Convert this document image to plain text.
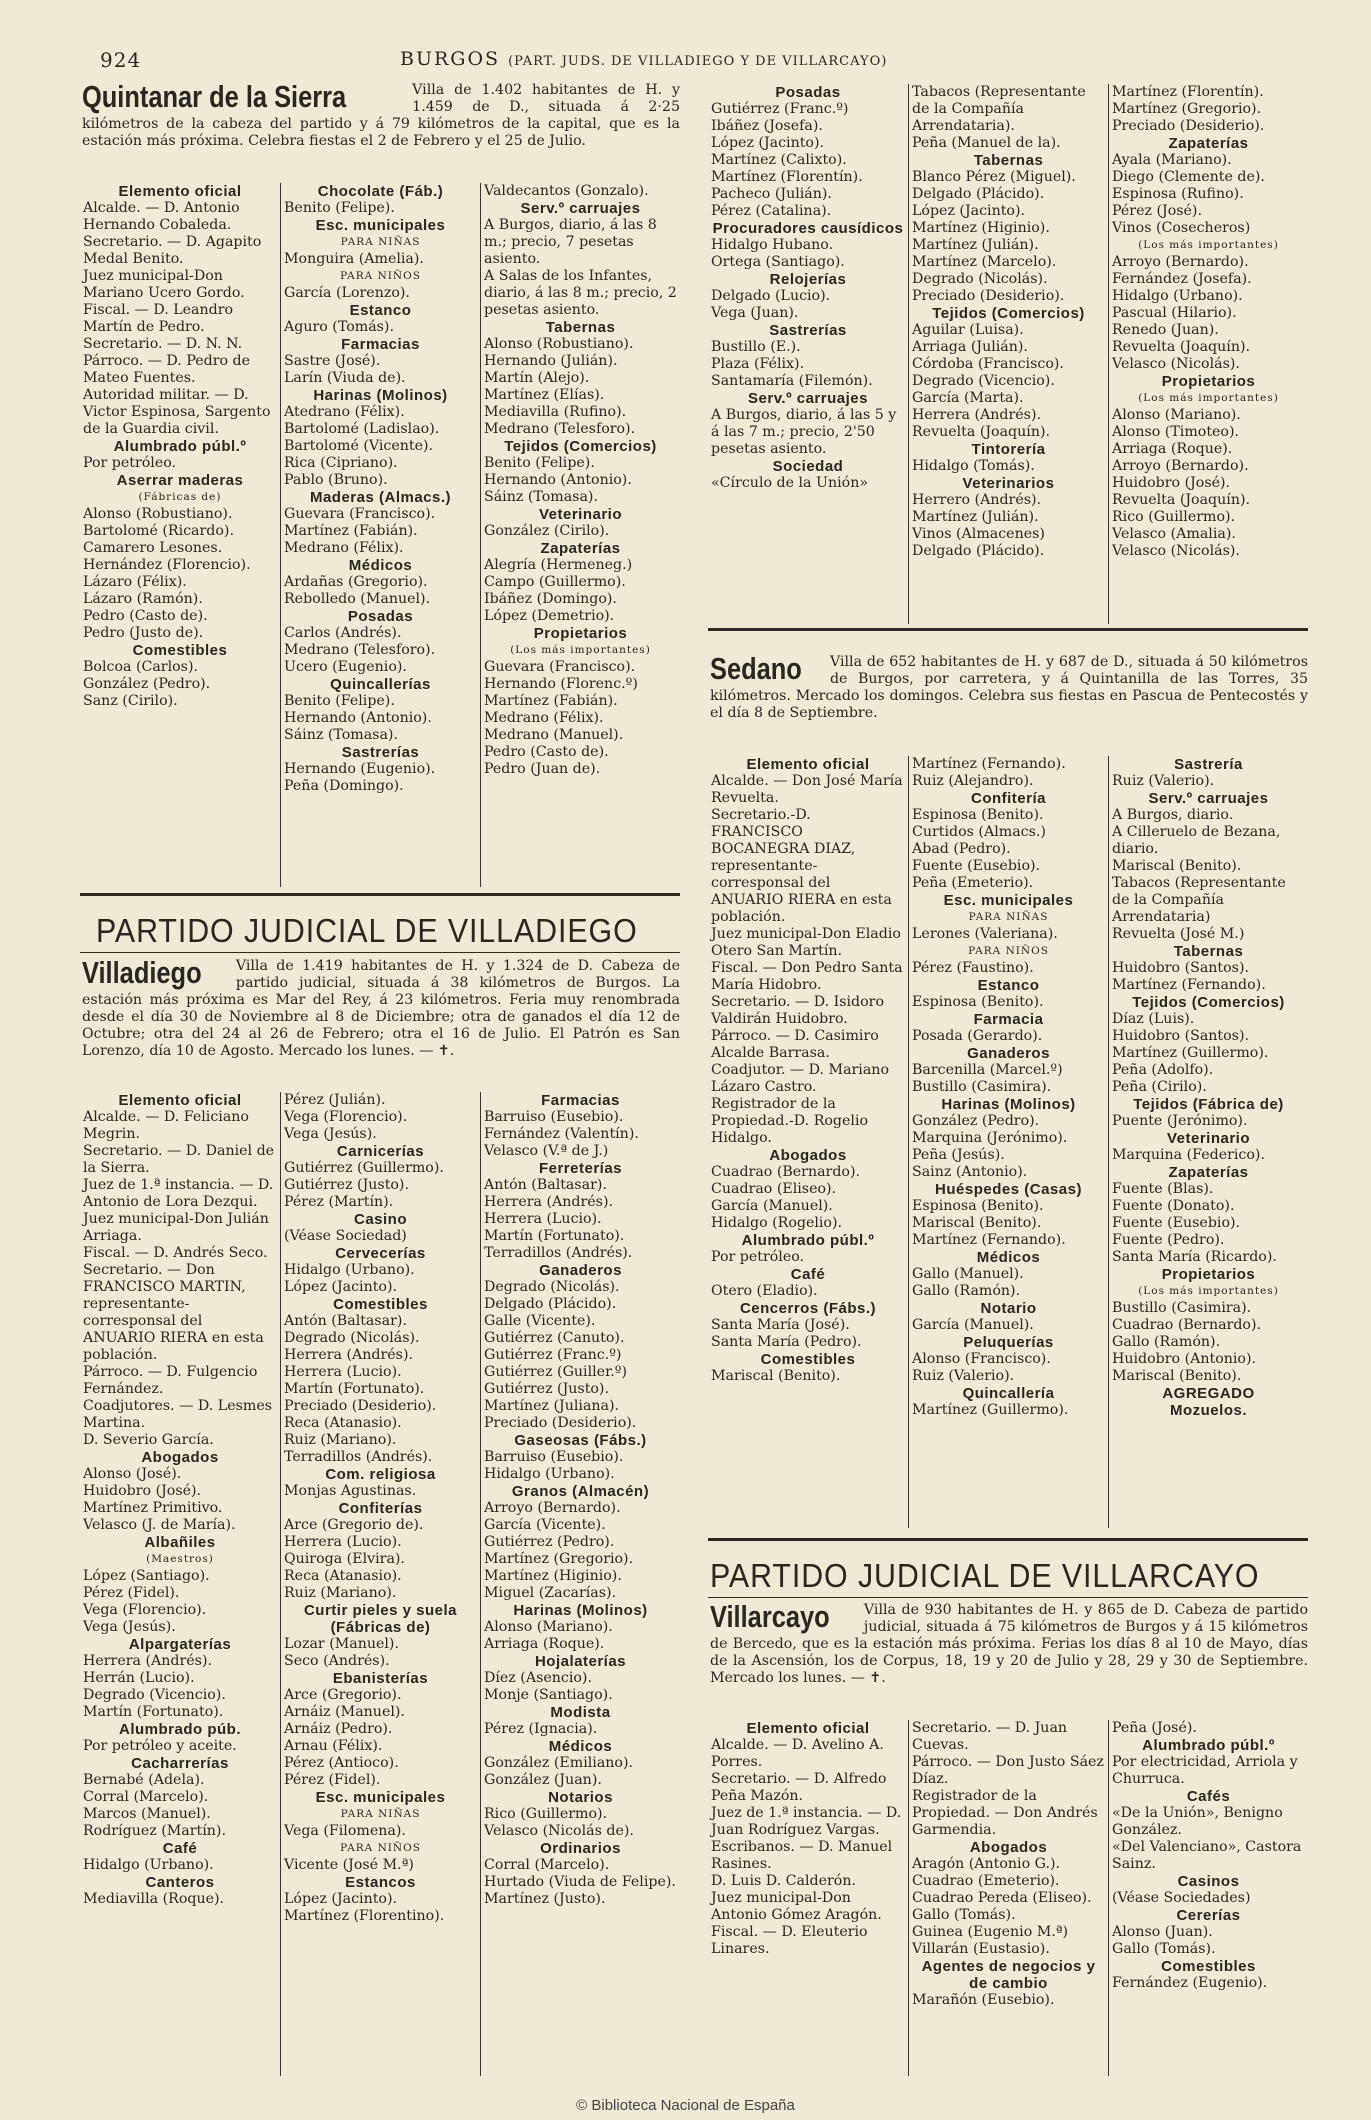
924	BURGOS (PART. JUDS. DE VILLADIEGO Y DE VILLARCAYO)
Quintanar de la Sierra	Villa de 1.402 habitantes de H. y 1.459 de D., situada á 2·25 kilómetros de la cabeza del partido y á 79 kilómetros de la capital, que es la estación más próxima. Celebra fiestas el 2 de Febrero y el 25 de Julio.
Elemento oficial
Alcalde. — D. Antonio Hernando Cobaleda.
Secretario. — D. Agapito Medal Benito.
Juez municipal-Don Mariano Ucero Gordo.
Fiscal. — D. Leandro Martín de Pedro.
Secretario. — D. N. N.
Párroco. — D. Pedro de Mateo Fuentes.
Autoridad militar. — D. Victor Espinosa, Sargento de la Guardia civil.
Alumbrado públ.º
Por petróleo.
Aserrar maderas
(Fábricas de)
Alonso (Robustiano).
Bartolomé (Ricardo).
Camarero Lesones.
Hernández (Florencio).
Lázaro (Félix).
Lázaro (Ramón).
Pedro (Casto de).
Pedro (Justo de).
Comestibles
Bolcoa (Carlos).
González (Pedro).
Sanz (Cirilo).
Chocolate (Fáb.)
Benito (Felipe).
Esc. municipales
PARA NIÑAS
Monguira (Amelia).
PARA NIÑOS
García (Lorenzo).
Estanco
Aguro (Tomás).
Farmacias
Sastre (José).
Larín (Viuda de).
Harinas (Molinos)
Atedrano (Félix).
Bartolomé (Ladislao).
Bartolomé (Vicente).
Rica (Cipriano).
Pablo (Bruno).
Maderas (Almacs.)
Guevara (Francisco).
Martínez (Fabián).
Medrano (Félix).
Médicos
Ardañas (Gregorio).
Rebolledo (Manuel).
Posadas
Carlos (Andrés).
Medrano (Telesforo).
Ucero (Eugenio).
Quincallerías
Benito (Felipe).
Hernando (Antonio).
Sáinz (Tomasa).
Sastrerías
Hernando (Eugenio).
Peña (Domingo).
Valdecantos (Gonzalo).
Serv.º carruajes
A Burgos, diario, á las 8 m.; precio, 7 pesetas asiento.
A Salas de los Infantes, diario, á las 8 m.; precio, 2 pesetas asiento.
Tabernas
Alonso (Robustiano).
Hernando (Julián).
Martín (Alejo).
Martínez (Elías).
Mediavilla (Rufino).
Medrano (Telesforo).
Tejidos (Comercios)
Benito (Felipe).
Hernando (Antonio).
Sáinz (Tomasa).
Veterinario
González (Cirilo).
Zapaterías
Alegría (Hermeneg.)
Campo (Guillermo).
Ibáñez (Domingo).
López (Demetrio).
Propietarios
(Los más importantes)
Guevara (Francisco).
Hernando (Florenc.º)
Martínez (Fabián).
Medrano (Félix).
Medrano (Manuel).
Pedro (Casto de).
Pedro (Juan de).
Posadas
Gutiérrez (Franc.º)
Ibáñez (Josefa).
López (Jacinto).
Martínez (Calixto).
Martínez (Florentín).
Pacheco (Julián).
Pérez (Catalina).
Procuradores causídicos
Hidalgo Hubano.
Ortega (Santiago).
Relojerías
Delgado (Lucio).
Vega (Juan).
Sastrerías
Bustillo (E.).
Plaza (Félix).
Santamaría (Filemón).
Serv.º carruajes
A Burgos, diario, á las 5 y á las 7 m.; precio, 2'50 pesetas asiento.
Sociedad
«Círculo de la Unión»
Tabacos (Representante de la Compañía Arrendataria).
Peña (Manuel de la).
Tabernas
Blanco Pérez (Miguel).
Delgado (Plácido).
López (Jacinto).
Martínez (Higinio).
Martínez (Julián).
Martínez (Marcelo).
Degrado (Nicolás).
Preciado (Desiderio).
Tejidos (Comercios)
Aguilar (Luisa).
Arriaga (Julián).
Córdoba (Francisco).
Degrado (Vicencio).
García (Marta).
Herrera (Andrés).
Revuelta (Joaquín).
Tintorería
Hidalgo (Tomás).
Veterinarios
Herrero (Andrés).
Martínez (Julián).
Vinos (Almacenes)
Delgado (Plácido).
Martínez (Florentín).
Martínez (Gregorio).
Preciado (Desiderio).
Zapaterías
Ayala (Mariano).
Diego (Clemente de).
Espinosa (Rufino).
Pérez (José).
Vinos (Cosecheros)
(Los más importantes)
Arroyo (Bernardo).
Fernández (Josefa).
Hidalgo (Urbano).
Pascual (Hilario).
Renedo (Juan).
Revuelta (Joaquín).
Velasco (Nicolás).
Propietarios
(Los más importantes)
Alonso (Mariano).
Alonso (Timoteo).
Arriaga (Roque).
Arroyo (Bernardo).
Huidobro (José).
Revuelta (Joaquín).
Rico (Guillermo).
Velasco (Amalia).
Velasco (Nicolás).
Sedano Villa de 652 habitantes de H. y 687 de D., situada á 50 kilómetros de Burgos, por carretera, y á Quintanilla de las Torres, 35 kilómetros. Mercado los domingos. Celebra sus fiestas en Pascua de Pentecostés y el día 8 de Septiembre.
Elemento oficial
Alcalde. — Don José María Revuelta.
Secretario.-D. FRANCISCO BOCANEGRA DIAZ, representante-corresponsal del ANUARIO RIERA en esta población.
Juez municipal-Don Eladio Otero San Martín.
Fiscal. — Don Pedro Santa María Hidobro.
Secretario. — D. Isidoro Valdirán Huidobro.
Párroco. — D. Casimiro Alcalde Barrasa.
Coadjutor. — D. Mariano Lázaro Castro.
Registrador de la Propiedad.-D. Rogelio Hidalgo.
Abogados
Cuadrao (Bernardo).
Cuadrao (Eliseo).
García (Manuel).
Hidalgo (Rogelio).
Alumbrado públ.º
Por petróleo.
Café
Otero (Eladio).
Cencerros (Fábs.)
Santa María (José).
Santa María (Pedro).
Comestibles
Mariscal (Benito).
Martínez (Fernando).
Ruiz (Alejandro).
Confitería
Espinosa (Benito).
Curtidos (Almacs.)
Abad (Pedro).
Fuente (Eusebio).
Peña (Emeterio).
Esc. municipales
PARA NIÑAS
Lerones (Valeriana).
PARA NIÑOS
Pérez (Faustino).
Estanco
Espinosa (Benito).
Farmacia
Posada (Gerardo).
Ganaderos
Barcenilla (Marcel.º)
Bustillo (Casimira).
Harinas (Molinos)
González (Pedro).
Marquina (Jerónimo).
Peña (Jesús).
Sainz (Antonio).
Huéspedes (Casas)
Espinosa (Benito).
Mariscal (Benito).
Martínez (Fernando).
Médicos
Gallo (Manuel).
Gallo (Ramón).
Notario
García (Manuel).
Peluquerías
Alonso (Francisco).
Ruiz (Valerio).
Quincallería
Martínez (Guillermo).
Sastrería
Ruiz (Valerio).
Serv.º carruajes
A Burgos, diario.
A Cilleruelo de Bezana, diario.
Mariscal (Benito).
Tabacos (Representante de la Compañía Arrendataria)
Revuelta (José M.)
Tabernas
Huidobro (Santos).
Martínez (Fernando).
Tejidos (Comercios)
Díaz (Luis).
Huidobro (Santos).
Martínez (Guillermo).
Peña (Adolfo).
Peña (Cirilo).
Tejidos (Fábrica de)
Puente (Jerónimo).
Veterinario
Marquina (Federico).
Zapaterías
Fuente (Blas).
Fuente (Donato).
Fuente (Eusebio).
Fuente (Pedro).
Santa María (Ricardo).
Propietarios
(Los más importantes)
Bustillo (Casimira).
Cuadrao (Bernardo).
Gallo (Ramón).
Huidobro (Antonio).
Mariscal (Benito).
AGREGADO
Mozuelos.
PARTIDO JUDICIAL DE VILLADIEGO
Villadiego Villa de 1.419 habitantes de H. y 1.324 de D. Cabeza de partido judicial, situada á 38 kilómetros de Burgos. La estación más próxima es Mar del Rey, á 23 kilómetros. Feria muy renombrada desde el día 30 de Noviembre al 8 de Diciembre; otra de ganados el día 12 de Octubre; otra del 24 al 26 de Febrero; otra el 16 de Julio. El Patrón es San Lorenzo, día 10 de Agosto. Mercado los lunes. — ✝.
Elemento oficial
Alcalde. — D. Feliciano Megrin.
Secretario. — D. Daniel de la Sierra.
Juez de 1.ª instancia. — D. Antonio de Lora Dezqui.
Juez municipal-Don Julián Arriaga.
Fiscal. — D. Andrés Seco.
Secretario. — Don FRANCISCO MARTIN, representante-corresponsal del ANUARIO RIERA en esta población.
Párroco. — D. Fulgencio Fernández.
Coadjutores. — D. Lesmes Martina.
D. Severio García.
Abogados
Alonso (José).
Huidobro (José).
Martínez Primitivo.
Velasco (J. de María).
Albañiles
(Maestros)
López (Santiago).
Pérez (Fidel).
Vega (Florencio).
Vega (Jesús).
Alpargaterías
Herrera (Andrés).
Herrán (Lucio).
Degrado (Vicencio).
Martín (Fortunato).
Alumbrado púb.
Por petróleo y aceite.
Cacharrerías
Bernabé (Adela).
Corral (Marcelo).
Marcos (Manuel).
Rodríguez (Martín).
Café
Hidalgo (Urbano).
Canteros
Mediavilla (Roque).
Pérez (Julián).
Vega (Florencio).
Vega (Jesús).
Carnicerías
Gutiérrez (Guillermo).
Gutiérrez (Justo).
Pérez (Martín).
Casino
(Véase Sociedad)
Cervecerías
Hidalgo (Urbano).
López (Jacinto).
Comestibles
Antón (Baltasar).
Degrado (Nicolás).
Herrera (Andrés).
Herrera (Lucio).
Martín (Fortunato).
Preciado (Desiderio).
Reca (Atanasio).
Ruiz (Mariano).
Terradillos (Andrés).
Com. religiosa
Monjas Agustinas.
Confiterías
Arce (Gregorio de).
Herrera (Lucio).
Quiroga (Elvira).
Reca (Atanasio).
Ruiz (Mariano).
Curtir pieles y suela (Fábricas de)
Lozar (Manuel).
Seco (Andrés).
Ebanisterías
Arce (Gregorio).
Arnáiz (Manuel).
Arnáiz (Pedro).
Arnau (Félix).
Pérez (Antioco).
Pérez (Fidel).
Esc. municipales
PARA NIÑAS
Vega (Filomena).
PARA NIÑOS
Vicente (José M.ª)
Estancos
López (Jacinto).
Martínez (Florentino).
Farmacias
Barruiso (Eusebio).
Fernández (Valentín).
Velasco (V.ª de J.)
Ferreterías
Antón (Baltasar).
Herrera (Andrés).
Herrera (Lucio).
Martín (Fortunato).
Terradillos (Andrés).
Ganaderos
Degrado (Nicolás).
Delgado (Plácido).
Galle (Vicente).
Gutiérrez (Canuto).
Gutiérrez (Franc.º)
Gutiérrez (Guiller.º)
Gutiérrez (Justo).
Martínez (Juliana).
Preciado (Desiderio).
Gaseosas (Fábs.)
Barruiso (Eusebio).
Hidalgo (Urbano).
Granos (Almacén)
Arroyo (Bernardo).
García (Vicente).
Gutiérrez (Pedro).
Martínez (Gregorio).
Martínez (Higinio).
Miguel (Zacarías).
Harinas (Molinos)
Alonso (Mariano).
Arriaga (Roque).
Hojalaterías
Díez (Asencio).
Monje (Santiago).
Modista
Pérez (Ignacia).
Médicos
González (Emiliano).
González (Juan).
Notarios
Rico (Guillermo).
Velasco (Nicolás de).
Ordinarios
Corral (Marcelo).
Hurtado (Viuda de Felipe).
Martínez (Justo).
PARTIDO JUDICIAL DE VILLARCAYO
Villarcayo Villa de 930 habitantes de H. y 865 de D. Cabeza de partido judicial, situada á 75 kilómetros de Burgos y á 15 kilómetros de Bercedo, que es la estación más próxima. Ferias los días 8 al 10 de Mayo, días de la Ascensión, los de Corpus, 18, 19 y 20 de Julio y 28, 29 y 30 de Septiembre. Mercado los lunes. — ✝.
Elemento oficial
Alcalde. — D. Avelino A. Porres.
Secretario. — D. Alfredo Peña Mazón.
Juez de 1.ª instancia. — D. Juan Rodríguez Vargas.
Escribanos. — D. Manuel Rasines.
D. Luis D. Calderón.
Juez municipal-Don Antonio Gómez Aragón.
Fiscal. — D. Eleuterio Linares.
Secretario. — D. Juan Cuevas.
Párroco. — Don Justo Sáez Díaz.
Registrador de la Propiedad. — Don Andrés Garmendia.
Abogados
Aragón (Antonio G.).
Cuadrao (Emeterio).
Cuadrao Pereda (Eliseo).
Gallo (Tomás).
Guinea (Eugenio M.ª)
Villarán (Eustasio).
Agentes de negocios y de cambio
Marañón (Eusebio).
Peña (José).
Alumbrado públ.º
Por electricidad, Arriola y Churruca.
Cafés
«De la Unión», Benigno González.
«Del Valenciano», Castora Sainz.
Casinos
(Véase Sociedades)
Cererías
Alonso (Juan).
Gallo (Tomás).
Comestibles
Fernández (Eugenio).
© Biblioteca Nacional de España
